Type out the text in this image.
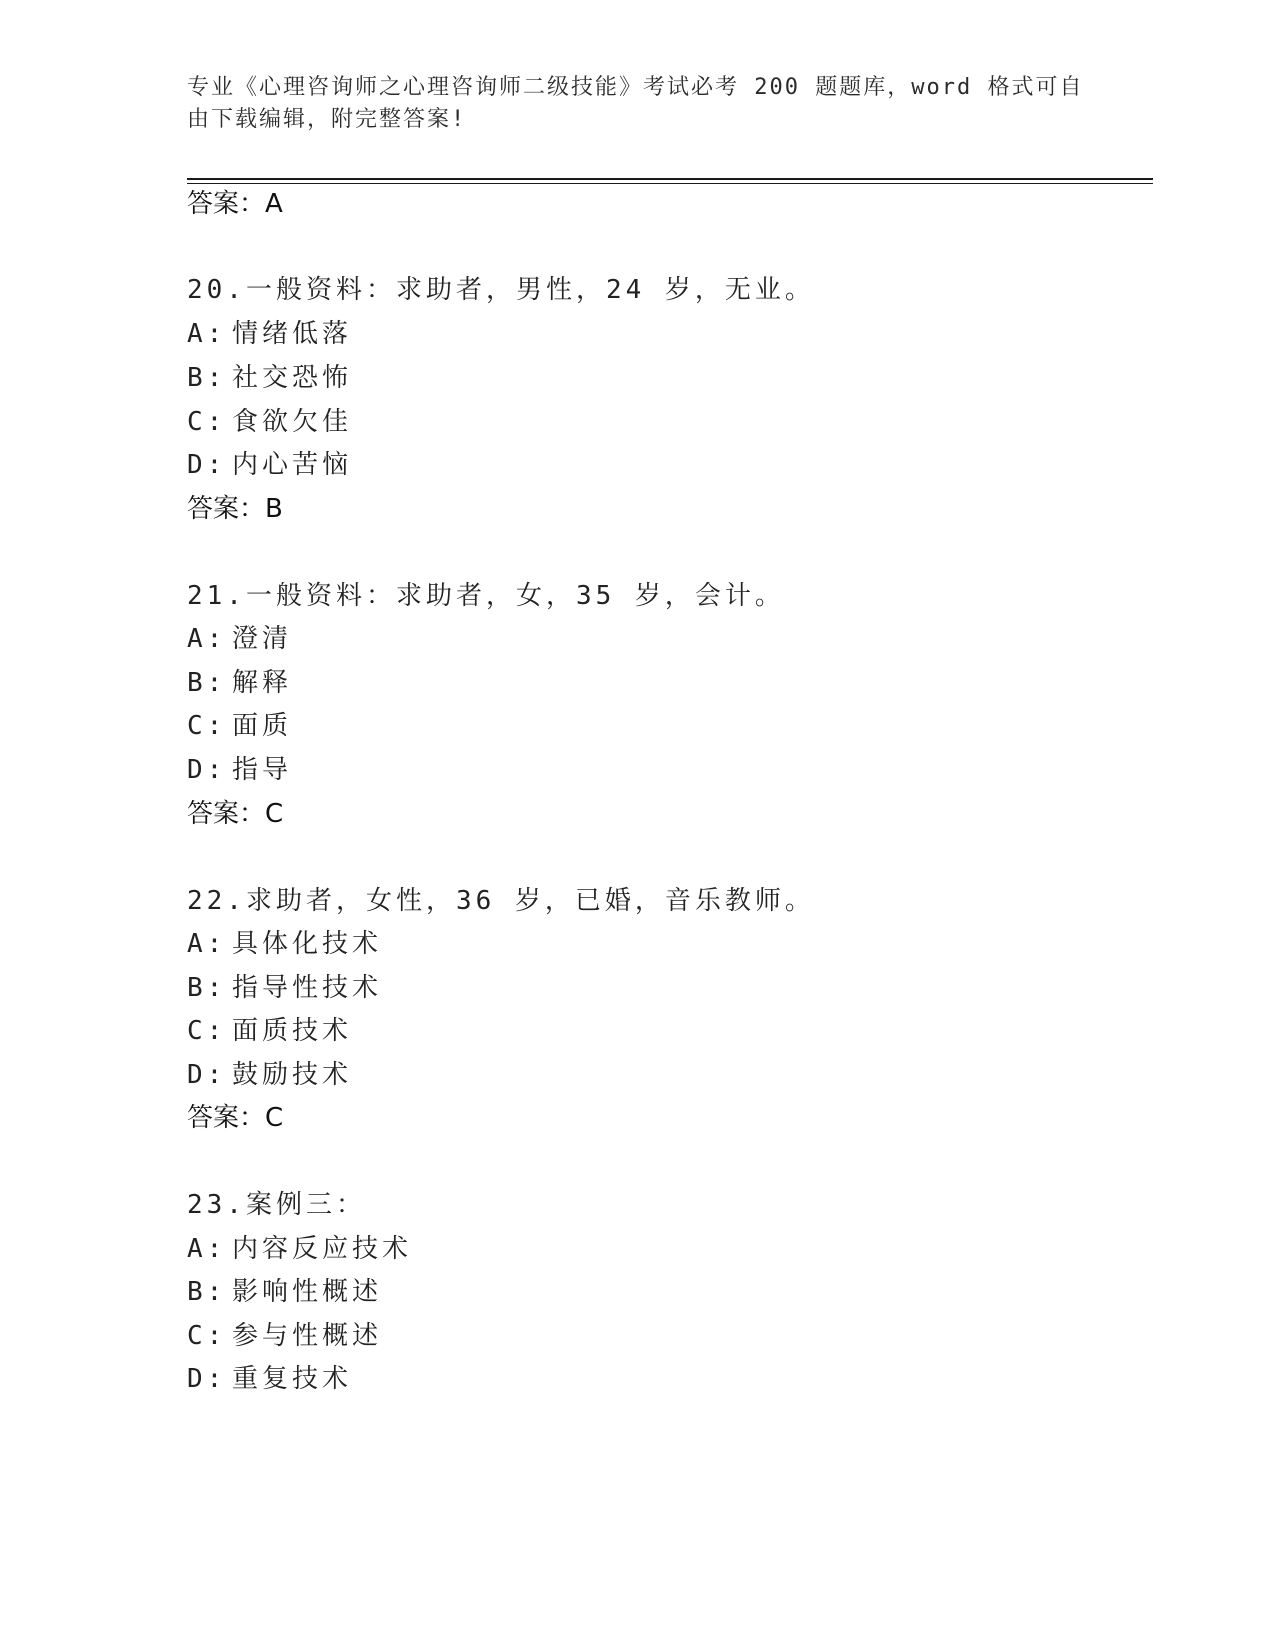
专业《心理咨询师之心理咨询师二级技能》考试必考 200 题题库，word 格式可自由下载编辑，附完整答案!
答案：A
20.一般资料：求助者，男性，24 岁，无业。
A: 情绪低落
B: 社交恐怖
C: 食欲欠佳
D: 内心苦恼
答案：B
21.一般资料：求助者，女，35 岁，会计。
A: 澄清
B: 解释
C: 面质
D: 指导
答案：C
22.求助者，女性，36 岁，已婚，音乐教师。
A: 具体化技术
B: 指导性技术
C: 面质技术
D: 鼓励技术
答案：C
23.案例三：
A: 内容反应技术
B: 影响性概述
C: 参与性概述
D: 重复技术
